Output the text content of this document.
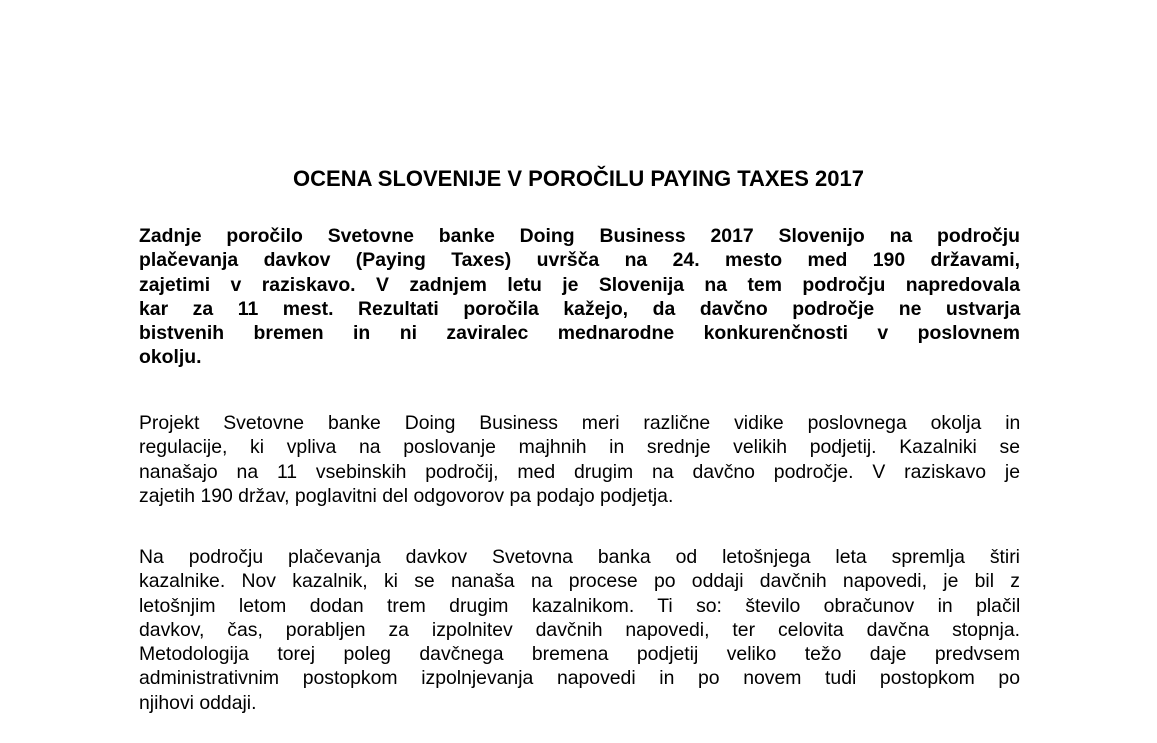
OCENA SLOVENIJE V POROČILU PAYING TAXES 2017

Zadnje poročilo Svetovne banke Doing Business 2017 Slovenijo na področju
plačevanja davkov (Paying Taxes) uvršča na 24. mesto med 190 državami,
zajetimi v raziskavo. V zadnjem letu je Slovenija na tem področju napredovala
kar za 11 mest. Rezultati poročila kažejo, da davčno področje ne ustvarja
bistvenih bremen in ni zaviralec mednarodne konkurenčnosti v poslovnem
okolju.

Projekt Svetovne banke Doing Business meri različne vidike poslovnega okolja in
regulacije, ki vpliva na poslovanje majhnih in srednje velikih podjetij. Kazalniki se
nanašajo na 11 vsebinskih področij, med drugim na davčno področje. V raziskavo je
zajetih 190 držav, poglavitni del odgovorov pa podajo podjetja.

Na področju plačevanja davkov Svetovna banka od letošnjega leta spremlja štiri
kazalnike. Nov kazalnik, ki se nanaša na procese po oddaji davčnih napovedi, je bil z
letošnjim letom dodan trem drugim kazalnikom. Ti so: število obračunov in plačil
davkov, čas, porabljen za izpolnitev davčnih napovedi, ter celovita davčna stopnja.
Metodologija torej poleg davčnega bremena podjetij veliko težo daje predvsem
administrativnim postopkom izpolnjevanja napovedi in po novem tudi postopkom po
njihovi oddaji.
